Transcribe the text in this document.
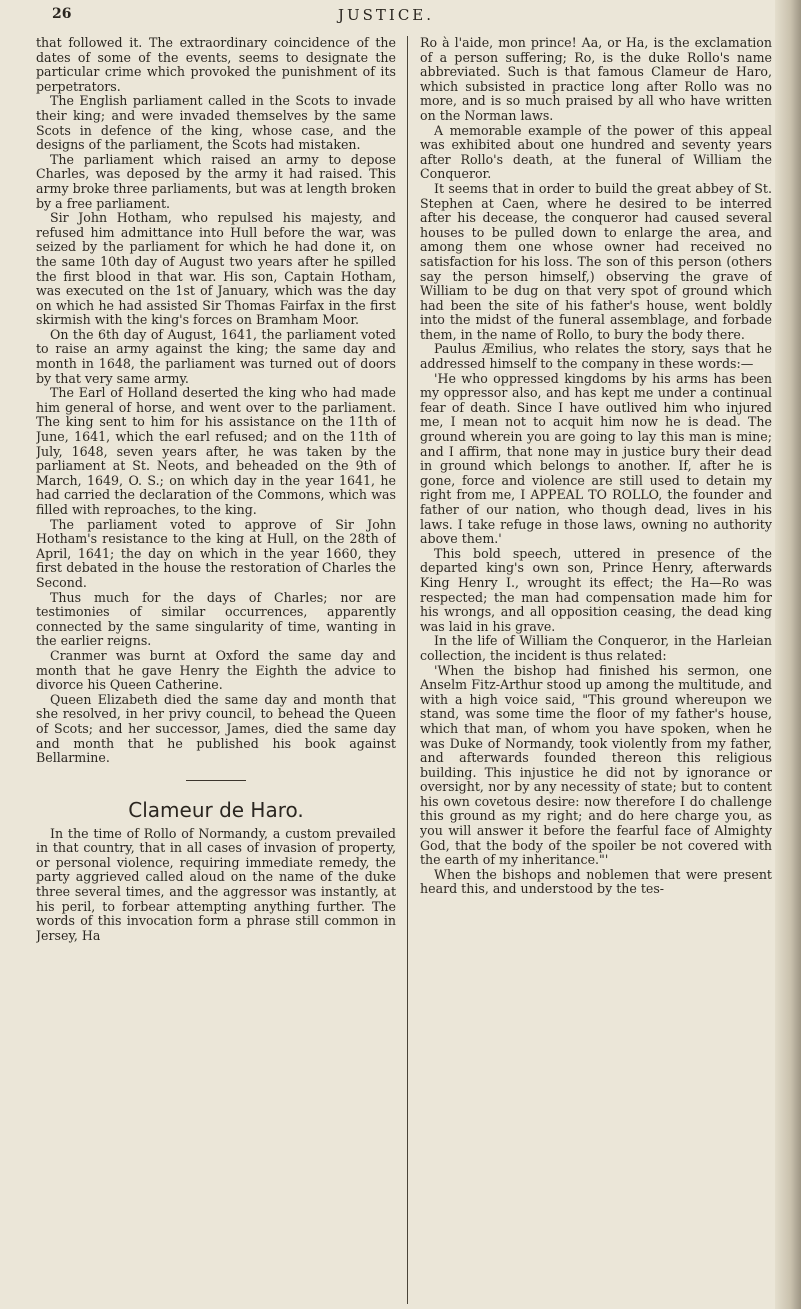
26	JUSTICE.

that followed it. The extraordinary coincidence of the dates of some of the events, seems to designate the particular crime which provoked the punishment of its perpetrators.

The English parliament called in the Scots to invade their king; and were invaded themselves by the same Scots in defence of the king, whose case, and the designs of the parliament, the Scots had mistaken.

The parliament which raised an army to depose Charles, was deposed by the army it had raised. This army broke three parliaments, but was at length broken by a free parliament.

Sir John Hotham, who repulsed his majesty, and refused him admittance into Hull before the war, was seized by the parliament for which he had done it, on the same 10th day of August two years after he spilled the first blood in that war. His son, Captain Hotham, was executed on the 1st of January, which was the day on which he had assisted Sir Thomas Fairfax in the first skirmish with the king's forces on Bramham Moor.

On the 6th day of August, 1641, the parliament voted to raise an army against the king; the same day and month in 1648, the parliament was turned out of doors by that very same army.

The Earl of Holland deserted the king who had made him general of horse, and went over to the parliament. The king sent to him for his assistance on the 11th of June, 1641, which the earl refused; and on the 11th of July, 1648, seven years after, he was taken by the parliament at St. Neots, and beheaded on the 9th of March, 1649, O. S.; on which day in the year 1641, he had carried the declaration of the Commons, which was filled with reproaches, to the king.

The parliament voted to approve of Sir John Hotham's resistance to the king at Hull, on the 28th of April, 1641; the day on which in the year 1660, they first debated in the house the restoration of Charles the Second.

Thus much for the days of Charles; nor are testimonies of similar occurrences, apparently connected by the same singularity of time, wanting in the earlier reigns.

Cranmer was burnt at Oxford the same day and month that he gave Henry the Eighth the advice to divorce his Queen Catherine.

Queen Elizabeth died the same day and month that she resolved, in her privy council, to behead the Queen of Scots; and her successor, James, died the same day and month that he published his book against Bellarmine.

Clameur de Haro.

In the time of Rollo of Normandy, a custom prevailed in that country, that in all cases of invasion of property, or personal violence, requiring immediate remedy, the party aggrieved called aloud on the name of the duke three several times, and the aggressor was instantly, at his peril, to forbear attempting anything further. The words of this invocation form a phrase still common in Jersey, Ha

Ro à l'aide, mon prince! Aa, or Ha, is the exclamation of a person suffering; Ro, is the duke Rollo's name abbreviated. Such is that famous Clameur de Haro, which subsisted in practice long after Rollo was no more, and is so much praised by all who have written on the Norman laws.

A memorable example of the power of this appeal was exhibited about one hundred and seventy years after Rollo's death, at the funeral of William the Conqueror.

It seems that in order to build the great abbey of St. Stephen at Caen, where he desired to be interred after his decease, the conqueror had caused several houses to be pulled down to enlarge the area, and among them one whose owner had received no satisfaction for his loss. The son of this person (others say the person himself,) observing the grave of William to be dug on that very spot of ground which had been the site of his father's house, went boldly into the midst of the funeral assemblage, and forbade them, in the name of Rollo, to bury the body there.

Paulus Æmilius, who relates the story, says that he addressed himself to the company in these words:—

'He who oppressed kingdoms by his arms has been my oppressor also, and has kept me under a continual fear of death. Since I have outlived him who injured me, I mean not to acquit him now he is dead. The ground wherein you are going to lay this man is mine; and I affirm, that none may in justice bury their dead in ground which belongs to another. If, after he is gone, force and violence are still used to detain my right from me, I APPEAL TO ROLLO, the founder and father of our nation, who though dead, lives in his laws. I take refuge in those laws, owning no authority above them.'

This bold speech, uttered in presence of the departed king's own son, Prince Henry, afterwards King Henry I., wrought its effect; the Ha—Ro was respected; the man had compensation made him for his wrongs, and all opposition ceasing, the dead king was laid in his grave.

In the life of William the Conqueror, in the Harleian collection, the incident is thus related:

'When the bishop had finished his sermon, one Anselm Fitz-Arthur stood up among the multitude, and with a high voice said, "This ground whereupon we stand, was some time the floor of my father's house, which that man, of whom you have spoken, when he was Duke of Normandy, took violently from my father, and afterwards founded thereon this religious building. This injustice he did not by ignorance or oversight, nor by any necessity of state; but to content his own covetous desire: now therefore I do challenge this ground as my right; and do here charge you, as you will answer it before the fearful face of Almighty God, that the body of the spoiler be not covered with the earth of my inheritance."'

When the bishops and noblemen that were present heard this, and understood by the tes-
